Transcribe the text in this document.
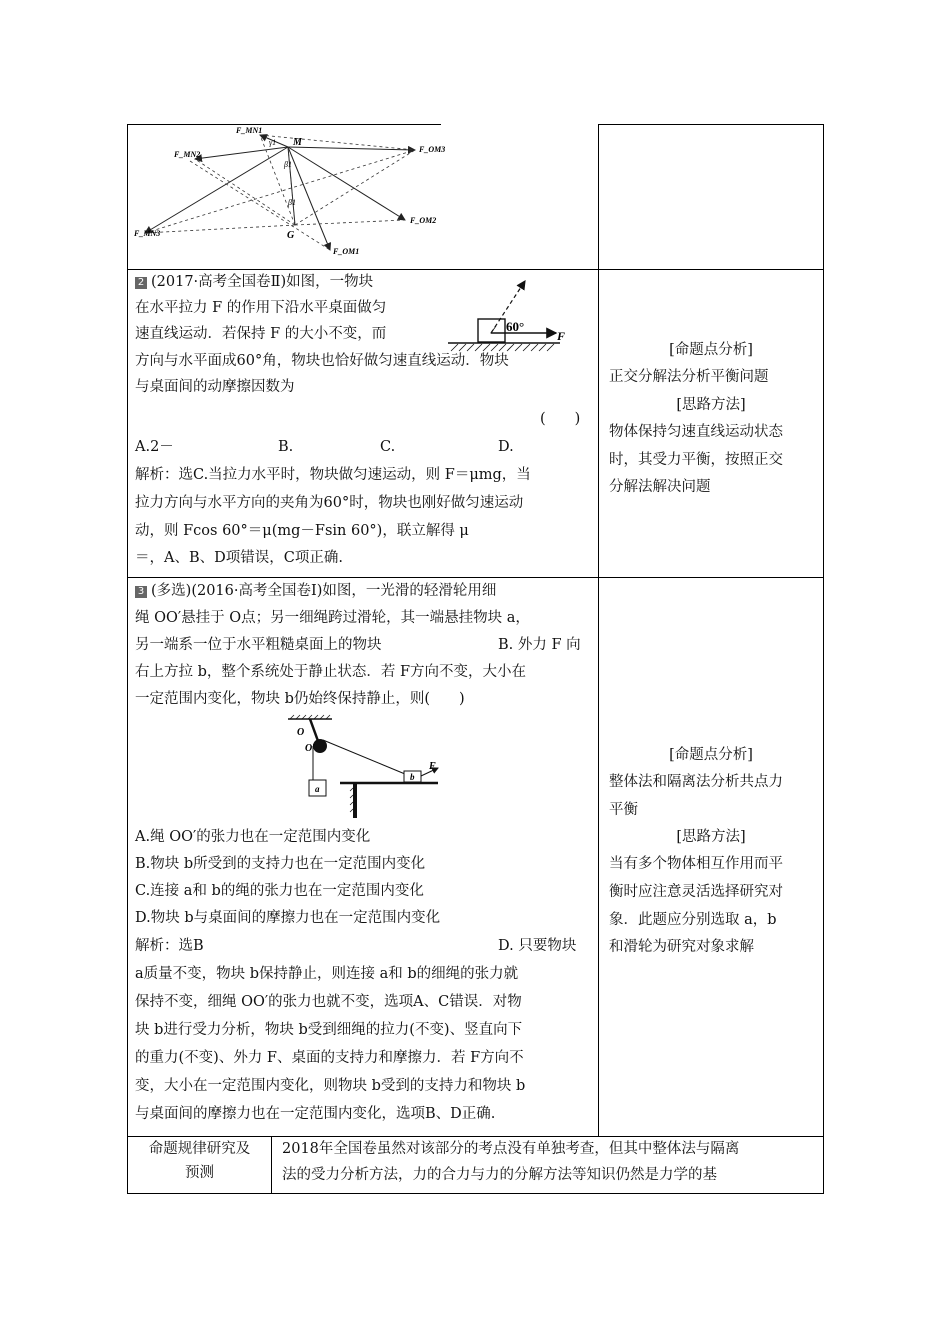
F_MN1
F_MN2
F_MN3
M
G
F_OM3
F_OM2
F_OM1
γ1
β1
β1
2 (2017·高考全国卷Ⅱ)如图，一物块
在水平拉力 F 的作用下沿水平桌面做匀
速直线运动．若保持 F 的大小不变，而
方向与水平面成60°角，物块也恰好做匀速直线运动．物块
与桌面间的动摩擦因数为
(　　)
A.2－	B.	C.	D.
解析：选C.当拉力水平时，物块做匀速运动，则 F＝μmg，当
拉力方向与水平方向的夹角为60°时，物块也刚好做匀速运动
动，则 Fcos 60°＝μ(mg－Fsin 60°)，联立解得 μ
＝，A、B、D项错误，C项正确.
60°
F
[命题点分析]
正交分解法分析平衡问题
[思路方法]
物体保持匀速直线运动状态
时，其受力平衡，按照正交
分解法解决问题
3 (多选)(2016·高考全国卷Ⅰ)如图，一光滑的轻滑轮用细
绳 OO′悬挂于 O点；另一细绳跨过滑轮，其一端悬挂物块 a，
另一端系一位于水平粗糙桌面上的物块	B. 外力 F 向
右上方拉 b，整个系统处于静止状态．若 F方向不变，大小在
一定范围内变化，物块 b仍始终保持静止，则(　　)
O
O′
a
b
F
A.绳 OO′的张力也在一定范围内变化
B.物块 b所受到的支持力也在一定范围内变化
C.连接 a和 b的绳的张力也在一定范围内变化
D.物块 b与桌面间的摩擦力也在一定范围内变化
解析：选B	D. 只要物块
a质量不变，物块 b保持静止，则连接 a和 b的细绳的张力就
保持不变，细绳 OO′的张力也就不变，选项A、C错误．对物
块 b进行受力分析，物块 b受到细绳的拉力(不变)、竖直向下
的重力(不变)、外力 F、桌面的支持力和摩擦力．若 F方向不
变，大小在一定范围内变化，则物块 b受到的支持力和物块 b
与桌面间的摩擦力也在一定范围内变化，选项B、D正确.
[命题点分析]
整体法和隔离法分析共点力
平衡
[思路方法]
当有多个物体相互作用而平
衡时应注意灵活选择研究对
象．此题应分别选取 a，b
和滑轮为研究对象求解
命题规律研究及
预测
2018年全国卷虽然对该部分的考点没有单独考查，但其中整体法与隔离
法的受力分析方法，力的合力与力的分解方法等知识仍然是力学的基
